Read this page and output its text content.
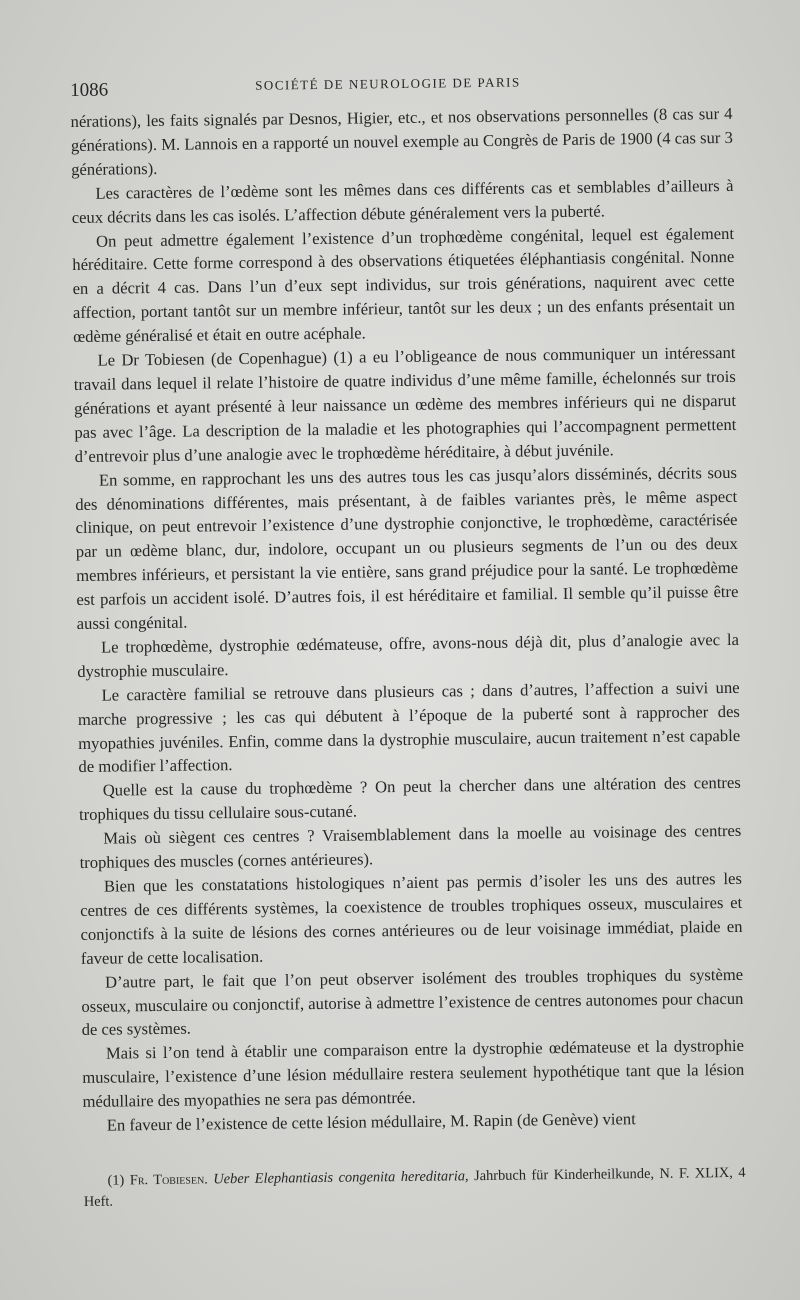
1086	SOCIÉTÉ DE NEUROLOGIE DE PARIS

nérations), les faits signalés par Desnos, Higier, etc., et nos observations personnelles (8 cas sur 4 générations). M. Lannois en a rapporté un nouvel exemple au Congrès de Paris de 1900 (4 cas sur 3 générations).

Les caractères de l’œdème sont les mêmes dans ces différents cas et semblables d’ailleurs à ceux décrits dans les cas isolés. L’affection débute généralement vers la puberté.

On peut admettre également l’existence d’un trophœdème congénital, lequel est également héréditaire. Cette forme correspond à des observations étiquetées éléphantiasis congénital. Nonne en a décrit 4 cas. Dans l’un d’eux sept individus, sur trois générations, naquirent avec cette affection, portant tantôt sur un membre inférieur, tantôt sur les deux ; un des enfants présentait un œdème généralisé et était en outre acéphale.

Le Dr Tobiesen (de Copenhague) (1) a eu l’obligeance de nous communiquer un intéressant travail dans lequel il relate l’histoire de quatre individus d’une même famille, échelonnés sur trois générations et ayant présenté à leur naissance un œdème des membres inférieurs qui ne disparut pas avec l’âge. La description de la maladie et les photographies qui l’accompagnent permettent d’entrevoir plus d’une analogie avec le trophœdème héréditaire, à début juvénile.

En somme, en rapprochant les uns des autres tous les cas jusqu’alors disséminés, décrits sous des dénominations différentes, mais présentant, à de faibles variantes près, le même aspect clinique, on peut entrevoir l’existence d’une dystrophie conjonctive, le trophœdème, caractérisée par un œdème blanc, dur, indolore, occupant un ou plusieurs segments de l’un ou des deux membres inférieurs, et persistant la vie entière, sans grand préjudice pour la santé. Le trophœdème est parfois un accident isolé. D’autres fois, il est héréditaire et familial. Il semble qu’il puisse être aussi congénital.

Le trophœdème, dystrophie œdémateuse, offre, avons-nous déjà dit, plus d’analogie avec la dystrophie musculaire.

Le caractère familial se retrouve dans plusieurs cas ; dans d’autres, l’affection a suivi une marche progressive ; les cas qui débutent à l’époque de la puberté sont à rapprocher des myopathies juvéniles. Enfin, comme dans la dystrophie musculaire, aucun traitement n’est capable de modifier l’affection.

Quelle est la cause du trophœdème ? On peut la chercher dans une altération des centres trophiques du tissu cellulaire sous-cutané.

Mais où siègent ces centres ? Vraisemblablement dans la moelle au voisinage des centres trophiques des muscles (cornes antérieures).

Bien que les constatations histologiques n’aient pas permis d’isoler les uns des autres les centres de ces différents systèmes, la coexistence de troubles trophiques osseux, musculaires et conjonctifs à la suite de lésions des cornes antérieures ou de leur voisinage immédiat, plaide en faveur de cette localisation.

D’autre part, le fait que l’on peut observer isolément des troubles trophiques du système osseux, musculaire ou conjonctif, autorise à admettre l’existence de centres autonomes pour chacun de ces systèmes.

Mais si l’on tend à établir une comparaison entre la dystrophie œdémateuse et la dystrophie musculaire, l’existence d’une lésion médullaire restera seulement hypothétique tant que la lésion médullaire des myopathies ne sera pas démontrée.

En faveur de l’existence de cette lésion médullaire, M. Rapin (de Genève) vient

(1) Fr. Tobiesen. Ueber Elephantiasis congenita hereditaria, Jahrbuch für Kinderheilkunde, N. F. XLIX, 4 Heft.
